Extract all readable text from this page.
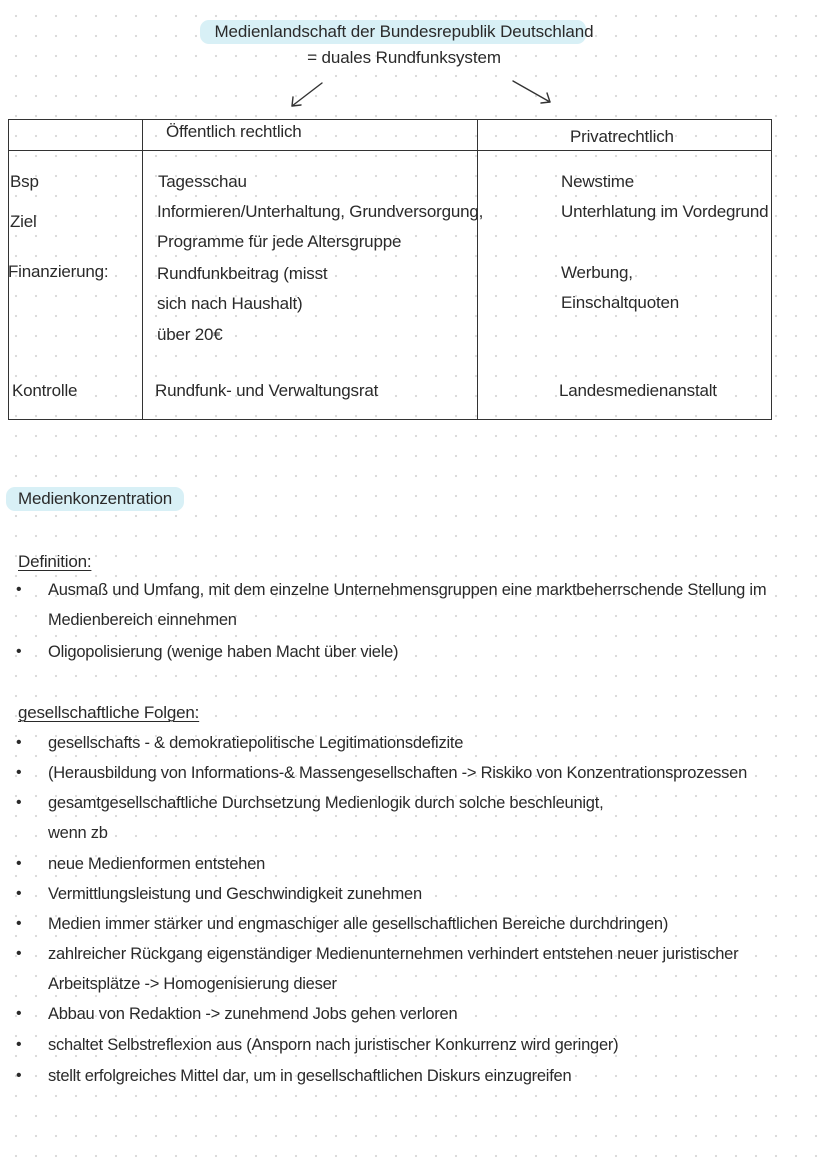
Medienlandschaft der Bundesrepublik Deutschland
= duales Rundfunksystem
Öffentlich rechtlich	Privatrechtlich
Bsp
Ziel
Finanzierung:
Kontrolle
Tagesschau
Informieren/Unterhaltung, Grundversorgung,
Programme für jede Altersgruppe
Rundfunkbeitrag (misst
sich nach Haushalt)
über 20€
Rundfunk- und Verwaltungsrat
Newstime
Unterhlatung im Vordegrund
Werbung,
Einschaltquoten
Landesmedienanstalt
Medienkonzentration
Definition:
• Ausmaß und Umfang, mit dem einzelne Unternehmensgruppen eine marktbeherrschende Stellung im
Medienbereich einnehmen
• Oligopolisierung (wenige haben Macht über viele)
gesellschaftliche Folgen:
• gesellschafts - & demokratiepolitische Legitimationsdefizite
• (Herausbildung von Informations-& Massengesellschaften -> Riskiko von Konzentrationsprozessen
• gesamtgesellschaftliche Durchsetzung Medienlogik durch solche beschleunigt,
wenn zb
• neue Medienformen entstehen
• Vermittlungsleistung und Geschwindigkeit zunehmen
• Medien immer stärker und engmaschiger alle gesellschaftlichen Bereiche durchdringen)
• zahlreicher Rückgang eigenständiger Medienunternehmen verhindert entstehen neuer juristischer
Arbeitsplätze -> Homogenisierung dieser
• Abbau von Redaktion -> zunehmend Jobs gehen verloren
• schaltet Selbstreflexion aus (Ansporn nach juristischer Konkurrenz wird geringer)
• stellt erfolgreiches Mittel dar, um in gesellschaftlichen Diskurs einzugreifen
